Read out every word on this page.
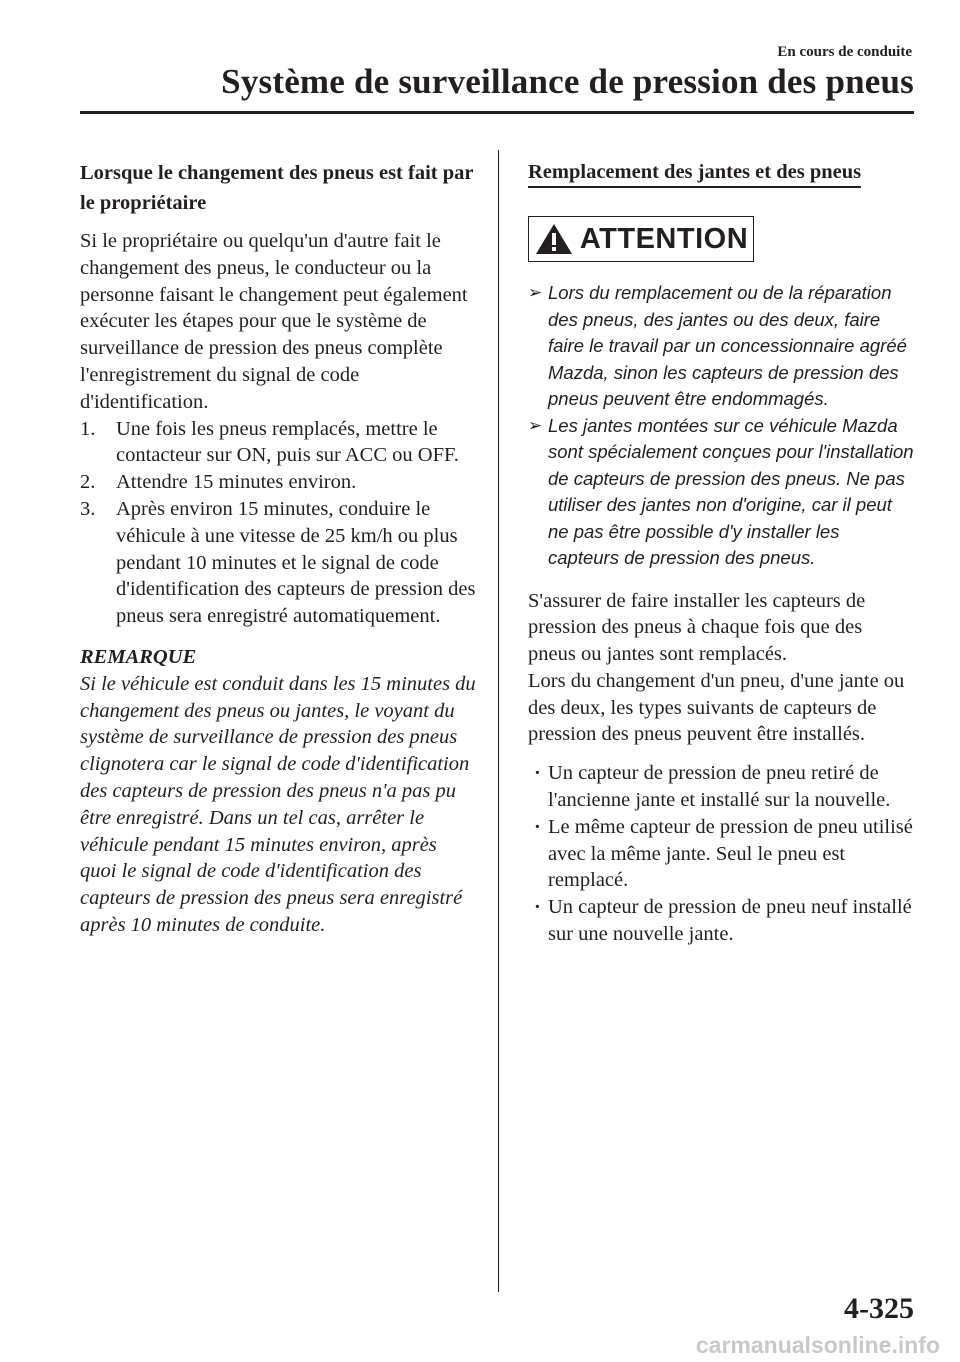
En cours de conduite
Système de surveillance de pression des pneus

Lorsque le changement des pneus est fait par le propriétaire

Si le propriétaire ou quelqu'un d'autre fait le changement des pneus, le conducteur ou la personne faisant le changement peut également exécuter les étapes pour que le système de surveillance de pression des pneus complète l'enregistrement du signal de code d'identification.

1. Une fois les pneus remplacés, mettre le contacteur sur ON, puis sur ACC ou OFF.
2. Attendre 15 minutes environ.
3. Après environ 15 minutes, conduire le véhicule à une vitesse de 25 km/h ou plus pendant 10 minutes et le signal de code d'identification des capteurs de pression des pneus sera enregistré automatiquement.

REMARQUE

Si le véhicule est conduit dans les 15 minutes du changement des pneus ou jantes, le voyant du système de surveillance de pression des pneus clignotera car le signal de code d'identification des capteurs de pression des pneus n'a pas pu être enregistré. Dans un tel cas, arrêter le véhicule pendant 15 minutes environ, après quoi le signal de code d'identification des capteurs de pression des pneus sera enregistré après 10 minutes de conduite.

Remplacement des jantes et des pneus

ATTENTION
➢ Lors du remplacement ou de la réparation des pneus, des jantes ou des deux, faire faire le travail par un concessionnaire agréé Mazda, sinon les capteurs de pression des pneus peuvent être endommagés.
➢ Les jantes montées sur ce véhicule Mazda sont spécialement conçues pour l'installation de capteurs de pression des pneus. Ne pas utiliser des jantes non d'origine, car il peut ne pas être possible d'y installer les capteurs de pression des pneus.

S'assurer de faire installer les capteurs de pression des pneus à chaque fois que des pneus ou jantes sont remplacés.

Lors du changement d'un pneu, d'une jante ou des deux, les types suivants de capteurs de pression des pneus peuvent être installés.

· Un capteur de pression de pneu retiré de l'ancienne jante et installé sur la nouvelle.
· Le même capteur de pression de pneu utilisé avec la même jante. Seul le pneu est remplacé.
· Un capteur de pression de pneu neuf installé sur une nouvelle jante.
4-325
carmanualsonline.info
